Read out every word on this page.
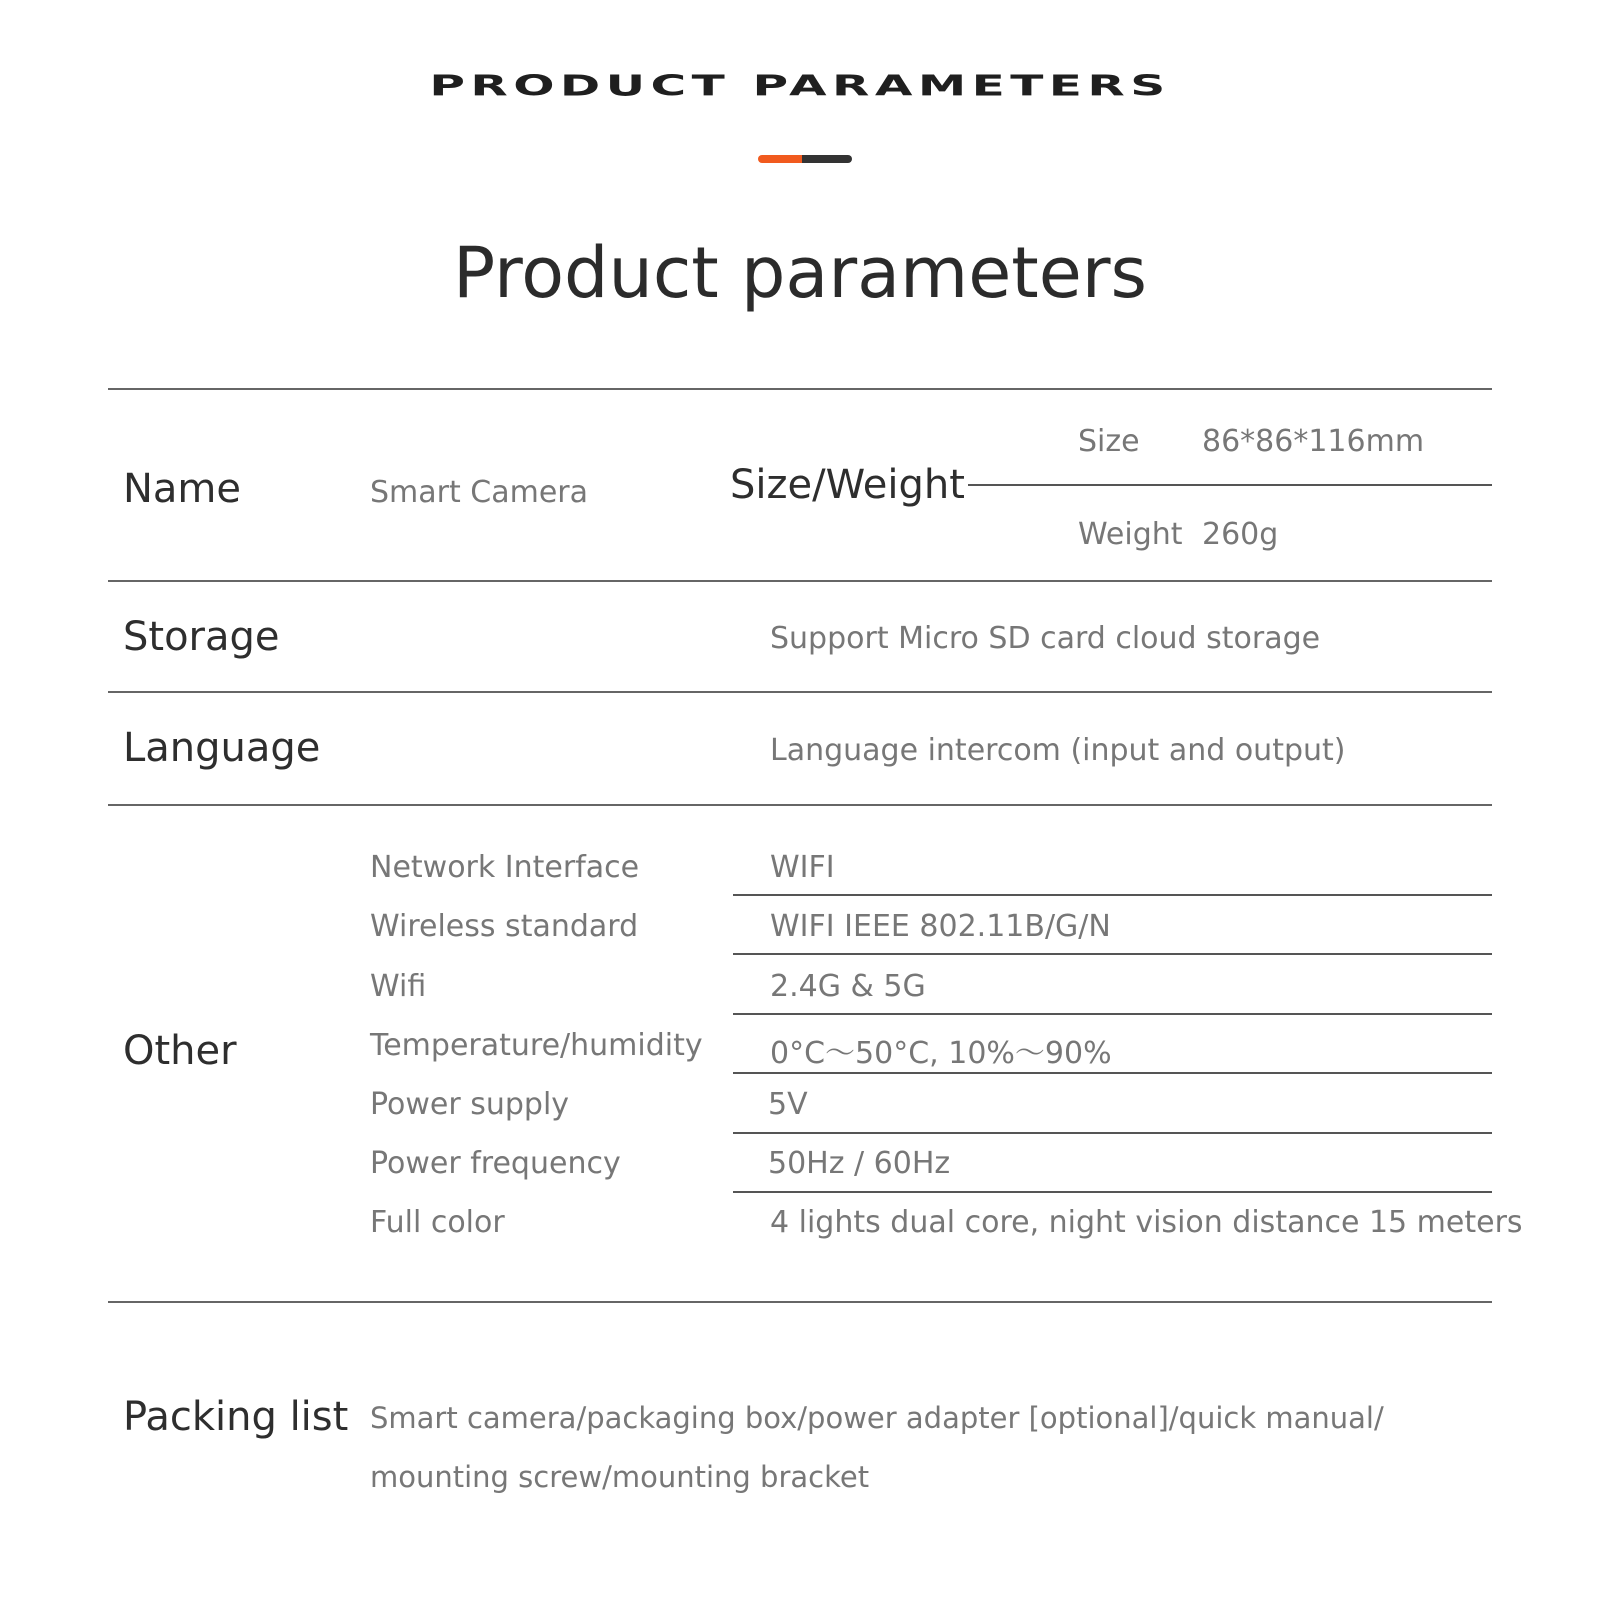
PRODUCT PARAMETERS
Product parameters
Name	Smart Camera	Size/Weight
Size 86*86*116mm
Weight 260g
Storage	Support Micro SD card cloud storage
Language	Language intercom (input and output)
Other
Network Interface	WIFI
Wireless standard	WIFI IEEE 802.11B/G/N
Wifi	2.4G & 5G
Temperature/humidity 0°C～50°C, 10%～90%
Power supply	5V
Power frequency	50Hz / 60Hz
Full color	4 lights dual core, night vision distance 15 meters
Packing list Smart camera/packaging box/power adapter [optional]/quick manual/
mounting screw/mounting bracket
